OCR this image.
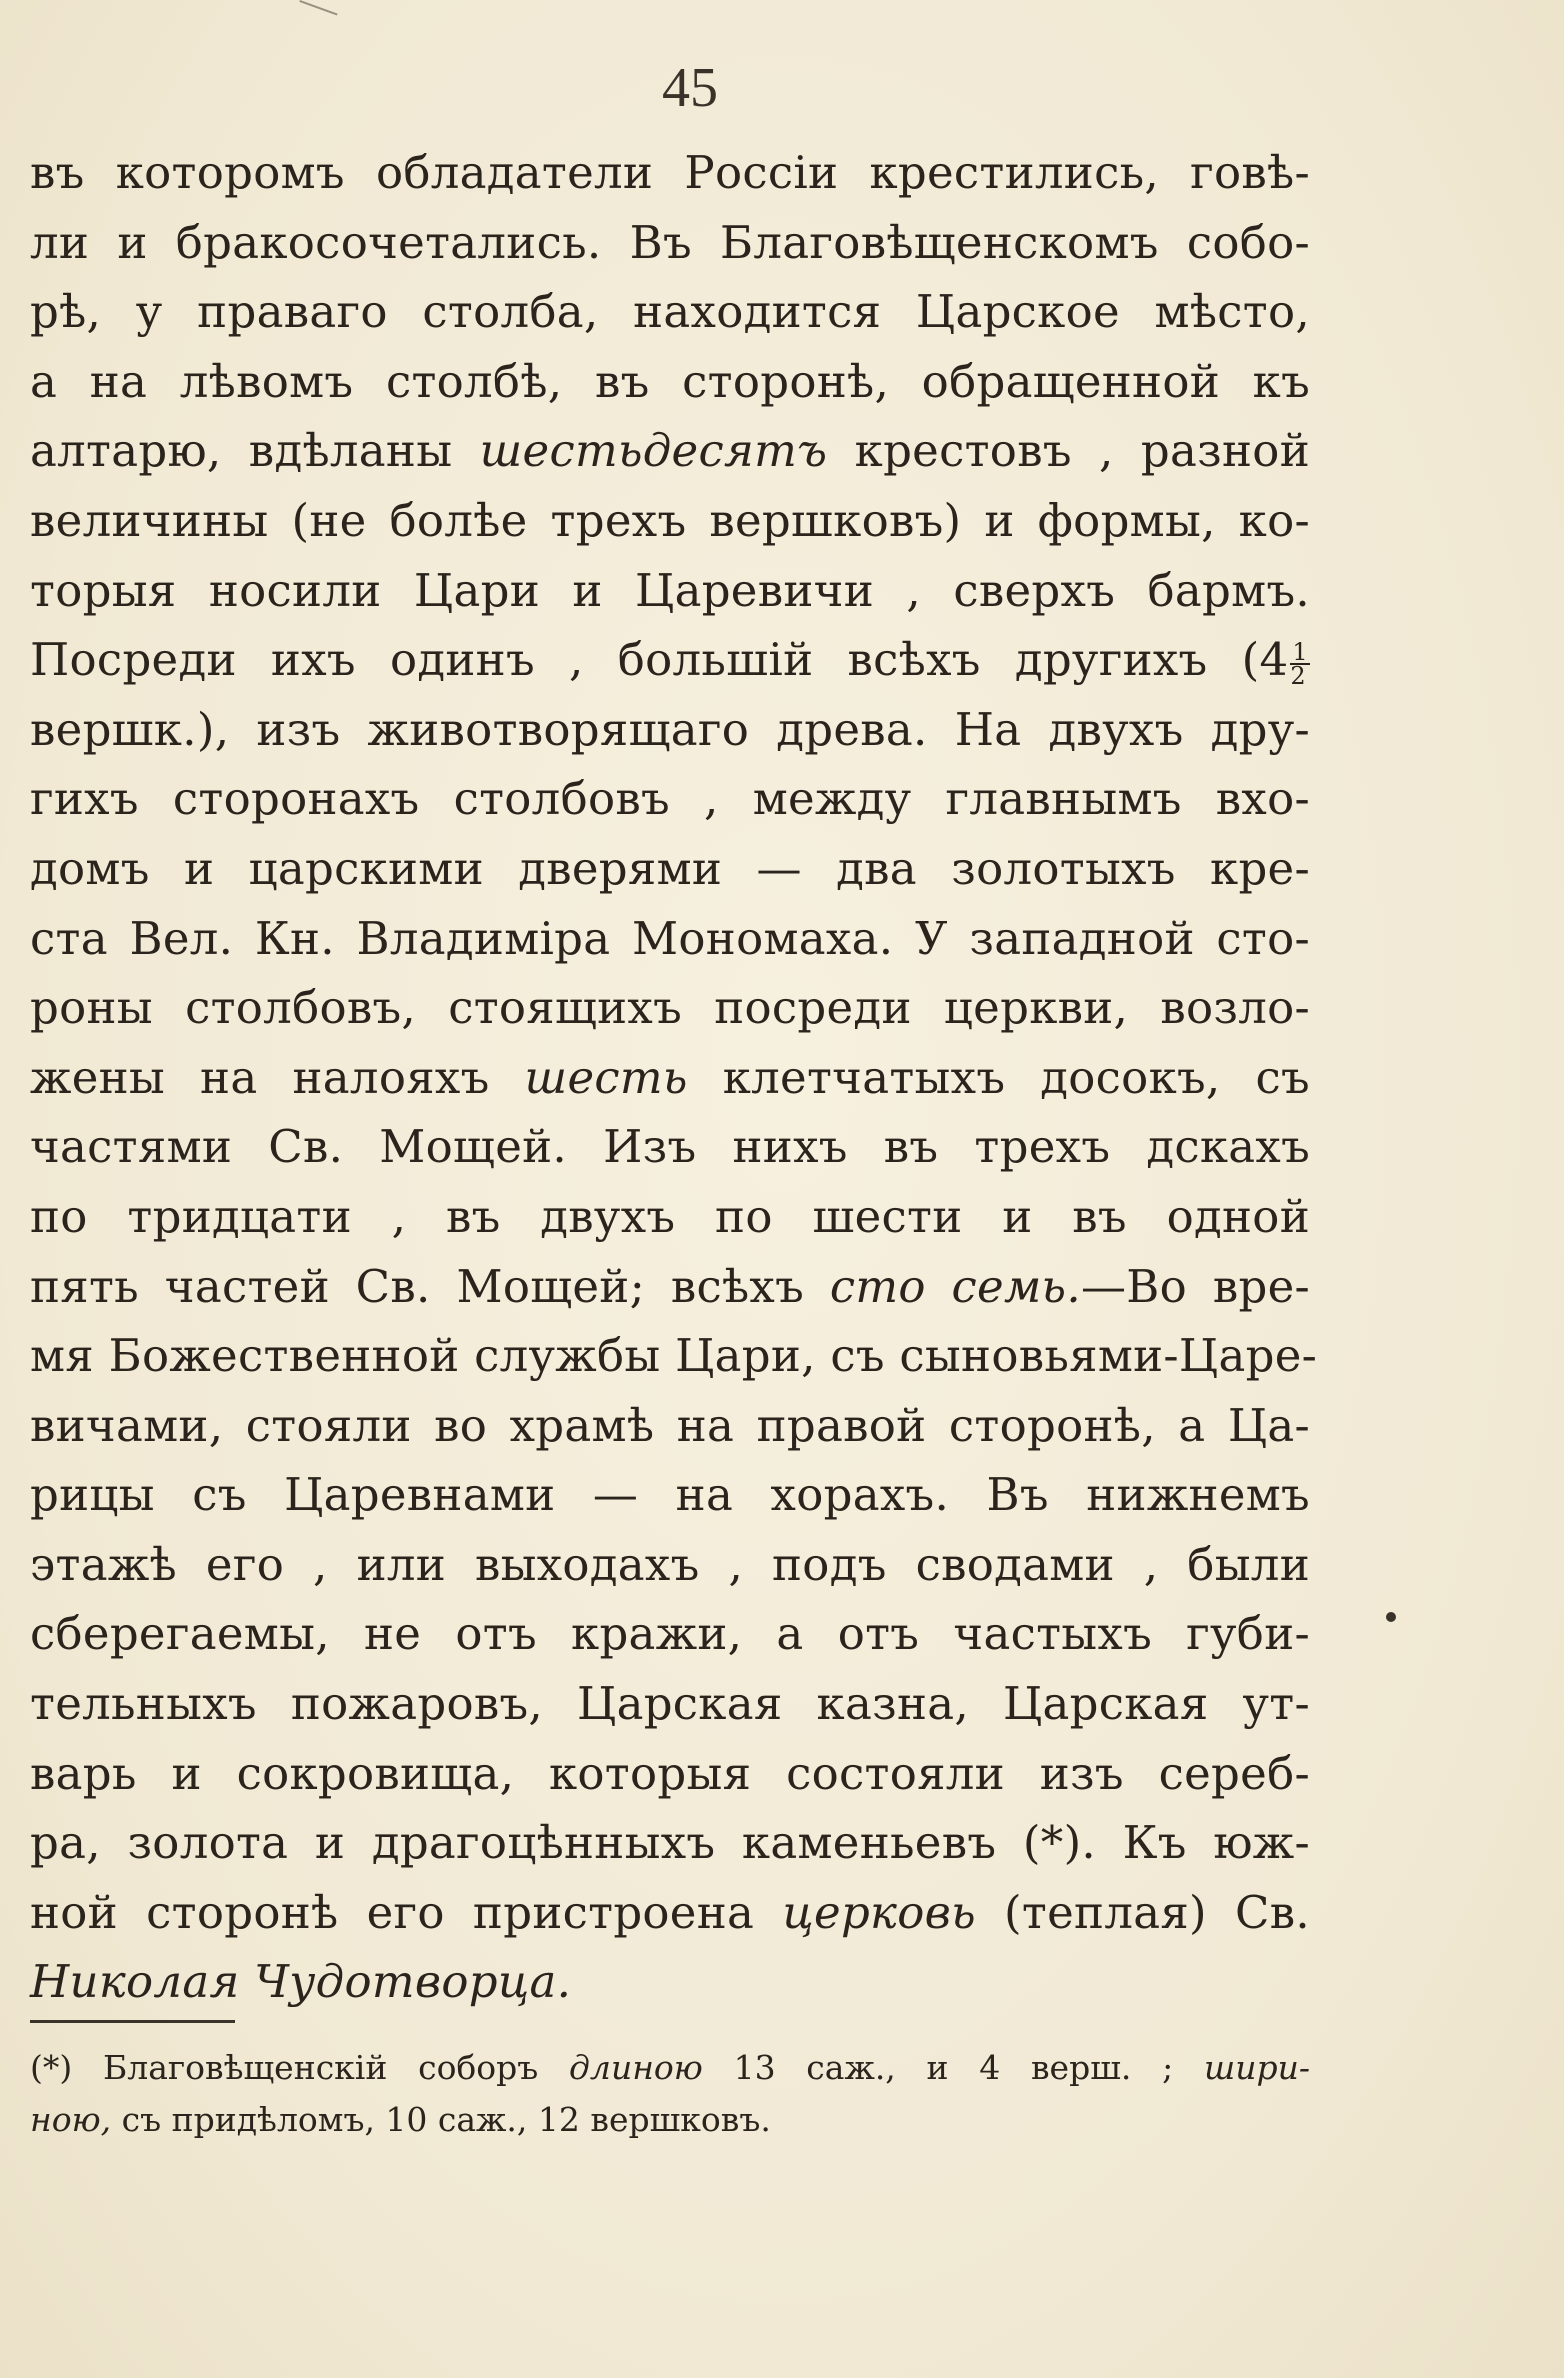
45
въ которомъ обладатели Россіи крестились, говѣ-
ли и бракосочетались. Въ Благовѣщенскомъ собо-
рѣ, у праваго столба, находится Царское мѣсто,
а на лѣвомъ столбѣ, въ сторонѣ, обращенной къ
алтарю, вдѣланы шестьдесятъ крестовъ , разной
величины (не болѣе трехъ вершковъ) и формы, ко-
торыя носили Цари и Царевичи , сверхъ бармъ.
Посреди ихъ одинъ , большій всѣхъ другихъ ($4 \frac{1}{2}$
вершк.), изъ животворящаго древа. На двухъ дру-
гихъ сторонахъ столбовъ , между главнымъ вхо-
домъ и царскими дверями — два золотыхъ кре-
ста Вел. Кн. Владиміра Мономаха. У западной сто-
роны столбовъ, стоящихъ посреди церкви, возло-
жены на налояхъ шесть клетчатыхъ досокъ, съ
частями Св. Мощей. Изъ нихъ въ трехъ дскахъ
по тридцати , въ двухъ по шести и въ одной
пять частей Св. Мощей; всѣхъ сто семь.—Во вре-
мя Божественной службы Цари, съ сыновьями-Царе-
вичами, стояли во храмѣ на правой сторонѣ, а Ца-
рицы съ Царевнами — на хорахъ. Въ нижнемъ
этажѣ его , или выходахъ , подъ сводами , были
сберегаемы, не отъ кражи, а отъ частыхъ губи-
тельныхъ пожаровъ, Царская казна, Царская ут-
варь и сокровища, которыя состояли изъ сереб-
ра, золота и драгоцѣнныхъ каменьевъ (*). Къ юж-
ной сторонѣ его пристроена церковь (теплая) Св.
Николая Чудотворца.
(*) Благовѣщенскій соборъ длиною 13 саж., и 4 верш. ; шири-
ною, съ придѣломъ, 10 саж., 12 вершковъ.
